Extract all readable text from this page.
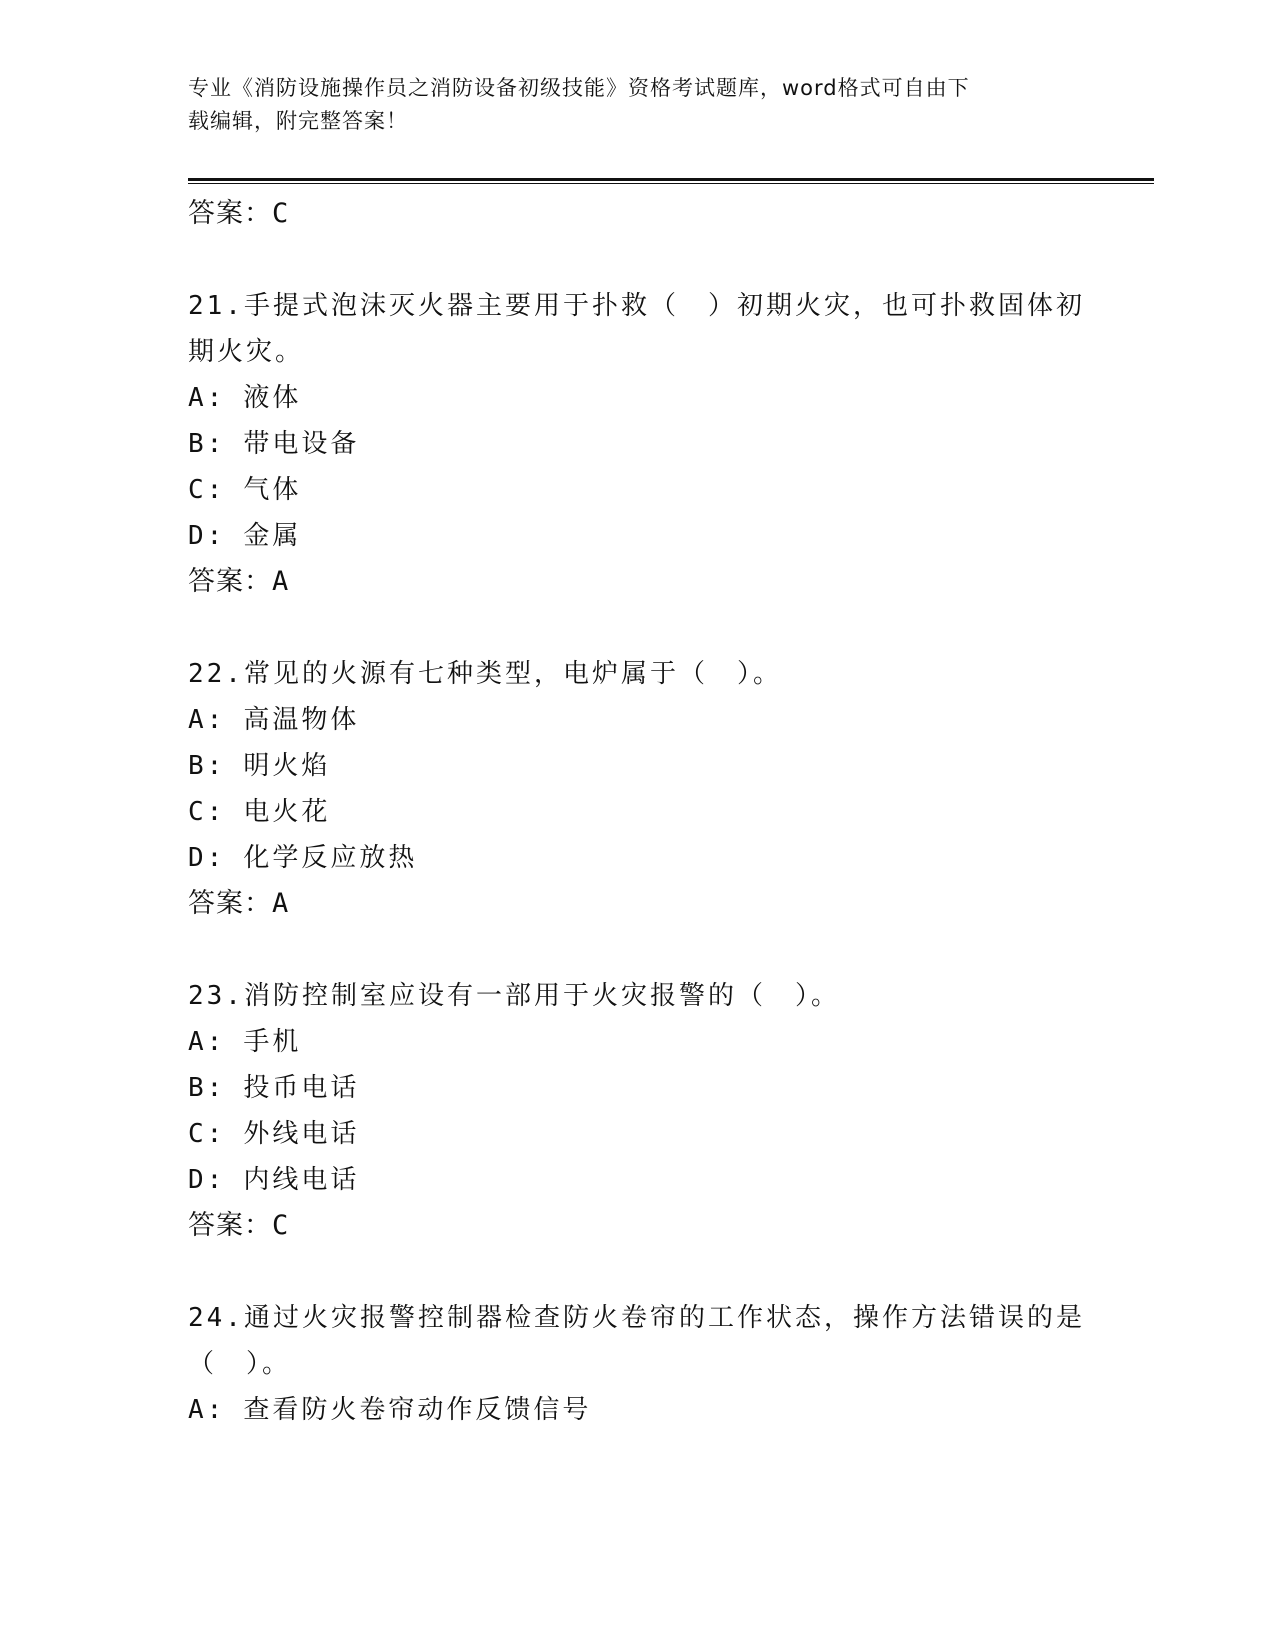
专业《消防设施操作员之消防设备初级技能》资格考试题库，word格式可自由下
载编辑，附完整答案！
答案：C
21.手提式泡沫灭火器主要用于扑救（　）初期火灾，也可扑救固体初
期火灾。
A: 液体
B: 带电设备
C: 气体
D: 金属
答案：A
22.常见的火源有七种类型，电炉属于（　）。
A: 高温物体
B: 明火焰
C: 电火花
D: 化学反应放热
答案：A
23.消防控制室应设有一部用于火灾报警的（　）。
A: 手机
B: 投币电话
C: 外线电话
D: 内线电话
答案：C
24.通过火灾报警控制器检查防火卷帘的工作状态，操作方法错误的是
（　）。
A: 查看防火卷帘动作反馈信号
